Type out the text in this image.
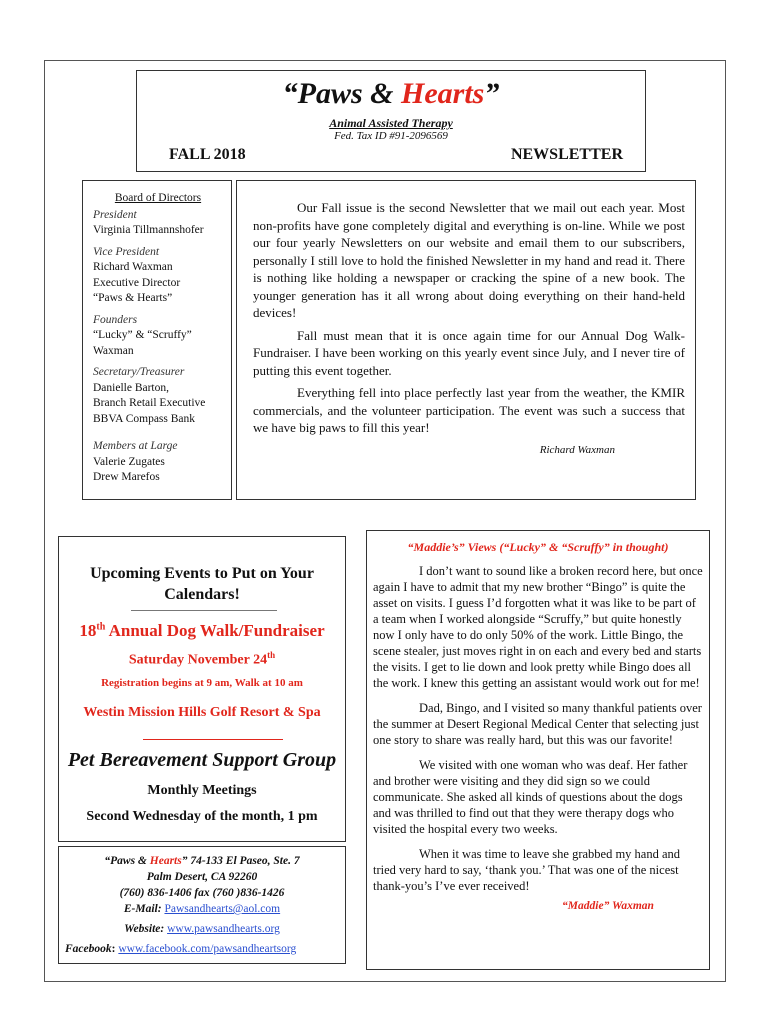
“Paws & Hearts”
Animal Assisted Therapy
Fed. Tax ID #91-2096569
FALL 2018	NEWSLETTER
Board of Directors
President
Virginia Tillmannshofer
Vice President
Richard Waxman
Executive Director
“Paws & Hearts”
Founders
“Lucky” & “Scruffy”
Waxman
Secretary/Treasurer
Danielle Barton,
Branch Retail Executive
BBVA Compass Bank
Members at Large
Valerie Zugates
Drew Marefos

Our Fall issue is the second Newsletter that we mail out each year. Most non-profits have gone completely digital and everything is on-line. While we post our four yearly Newsletters on our website and email them to our subscribers, personally I still love to hold the finished Newsletter in my hand and read it. There is nothing like holding a newspaper or cracking the spine of a new book. The younger generation has it all wrong about doing everything on their hand-held devices!

Fall must mean that it is once again time for our Annual Dog Walk-Fundraiser. I have been working on this yearly event since July, and I never tire of putting this event together.

Everything fell into place perfectly last year from the weather, the KMIR commercials, and the volunteer participation. The event was such a success that we have big paws to fill this year!

Richard Waxman
Upcoming Events to Put on Your Calendars!
18th Annual Dog Walk/Fundraiser
Saturday November 24th
Registration begins at 9 am, Walk at 10 am
Westin Mission Hills Golf Resort & Spa
Pet Bereavement Support Group
Monthly Meetings
Second Wednesday of the month, 1 pm
“Paws & Hearts” 74-133 El Paseo, Ste. 7
Palm Desert, CA 92260
(760) 836-1406 fax (760 )836-1426
E-Mail: Pawsandhearts@aol.com
Website: www.pawsandhearts.org
Facebook: www.facebook.com/pawsandheartsorg
“Maddie’s” Views (“Lucky” & “Scruffy” in thought)

I don’t want to sound like a broken record here, but once again I have to admit that my new brother “Bingo” is quite the asset on visits. I guess I’d forgotten what it was like to be part of a team when I worked alongside “Scruffy,” but quite honestly now I only have to do only 50% of the work. Little Bingo, the scene stealer, just moves right in on each and every bed and starts the visits. I get to lie down and look pretty while Bingo does all the work. I knew this getting an assistant would work out for me!

Dad, Bingo, and I visited so many thankful patients over the summer at Desert Regional Medical Center that selecting just one story to share was really hard, but this was our favorite!

We visited with one woman who was deaf. Her father and brother were visiting and they did sign so we could communicate. She asked all kinds of questions about the dogs and was thrilled to find out that they were therapy dogs who visited the hospital every two weeks.

When it was time to leave she grabbed my hand and tried very hard to say, ‘thank you.’ That was one of the nicest thank-you’s I’ve ever received!

“Maddie” Waxman
